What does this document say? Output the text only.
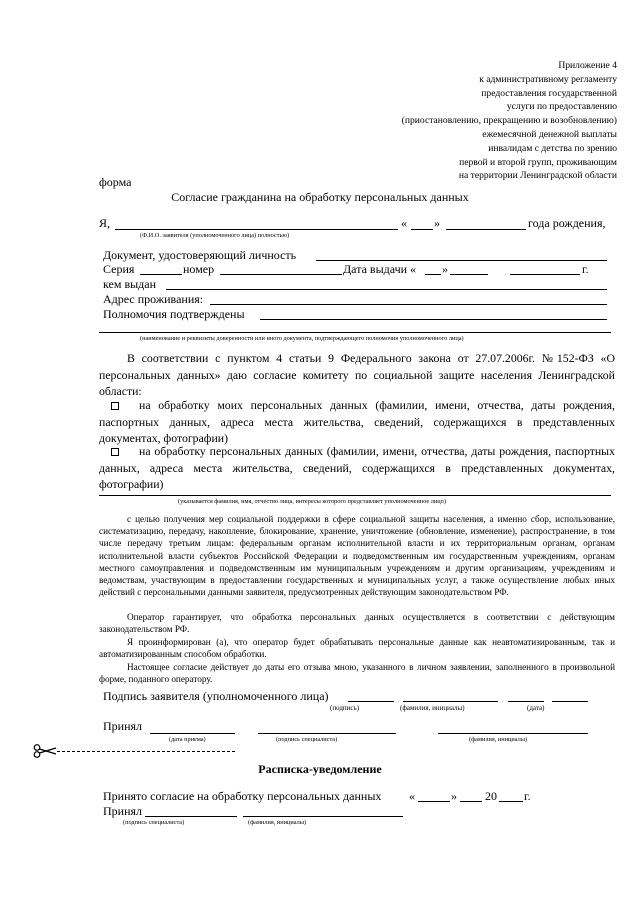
Приложение 4
к административному регламенту
предоставления государственной
услуги по предоставлению
(приостановлению, прекращению и возобновлению)
ежемесячной денежной выплаты
инвалидам с детства по зрению
первой и второй групп, проживающим
на территории Ленинградской области
форма
Согласие гражданина на обработку персональных данных
Я,	« »	года рождения,
(Ф.И.О. заявителя (уполномоченного лица) полностью)
Документ, удостоверяющий личность
Серия	номер	Дата выдачи « »	г.
кем выдан
Адрес проживания:
Полномочия подтверждены
(наименование и реквизиты доверенности или иного документа, подтверждающего полномочия уполномоченного лица)
В соответствии с пунктом 4 статьи 9 Федерального закона от 27.07.2006г. №152-ФЗ «О персональных данных» даю согласие комитету по социальной защите населения Ленинградской области:
на обработку моих персональных данных (фамилии, имени, отчества, даты рождения, паспортных данных, адреса места жительства, сведений, содержащихся в представленных документах, фотографии)
на обработку персональных данных (фамилии, имени, отчества, даты рождения, паспортных данных, адреса места жительства, сведений, содержащихся в представленных документах, фотографии)
(указывается фамилия, имя, отчество лица, интересы которого представляет уполномоченное лицо)
с целью получения мер социальной поддержки в сфере социальной защиты населения, а именно сбор, использование, систематизацию, передачу, накопление, блокирование, хранение, уничтожение (обновление, изменение), распространение, в том числе передачу третьим лицам: федеральным органам исполнительной власти и их территориальным органам, органам исполнительной власти субъектов Российской Федерации и подведомственным им государственным учреждениям, органам местного самоуправления и подведомственным им муниципальным учреждениям и другим организациям, учреждениям и ведомствам, участвующим в предоставлении государственных и муниципальных услуг, а также осуществление любых иных действий с персональными данными заявителя, предусмотренных действующим законодательством РФ.
Оператор гарантирует, что обработка персональных данных осуществляется в соответствии с действующим законодательством РФ.
Я проинформирован (а), что оператор будет обрабатывать персональные данные как неавтоматизированным, так и автоматизированным способом обработки.
Настоящее согласие действует до даты его отзыва мною, указанного в личном заявлении, заполненного в произвольной форме, поданного оператору.
Подпись заявителя (уполномоченного лица)
(подпись)	(фамилия, инициалы)	(дата)
Принял
(дата приема)	(подпись специалиста)	(фамилия, инициалы)
Расписка-уведомление
Принято согласие на обработку персональных данных «	» 20 г.
Принял
(подпись специалиста)	(фамилия, инициалы)
